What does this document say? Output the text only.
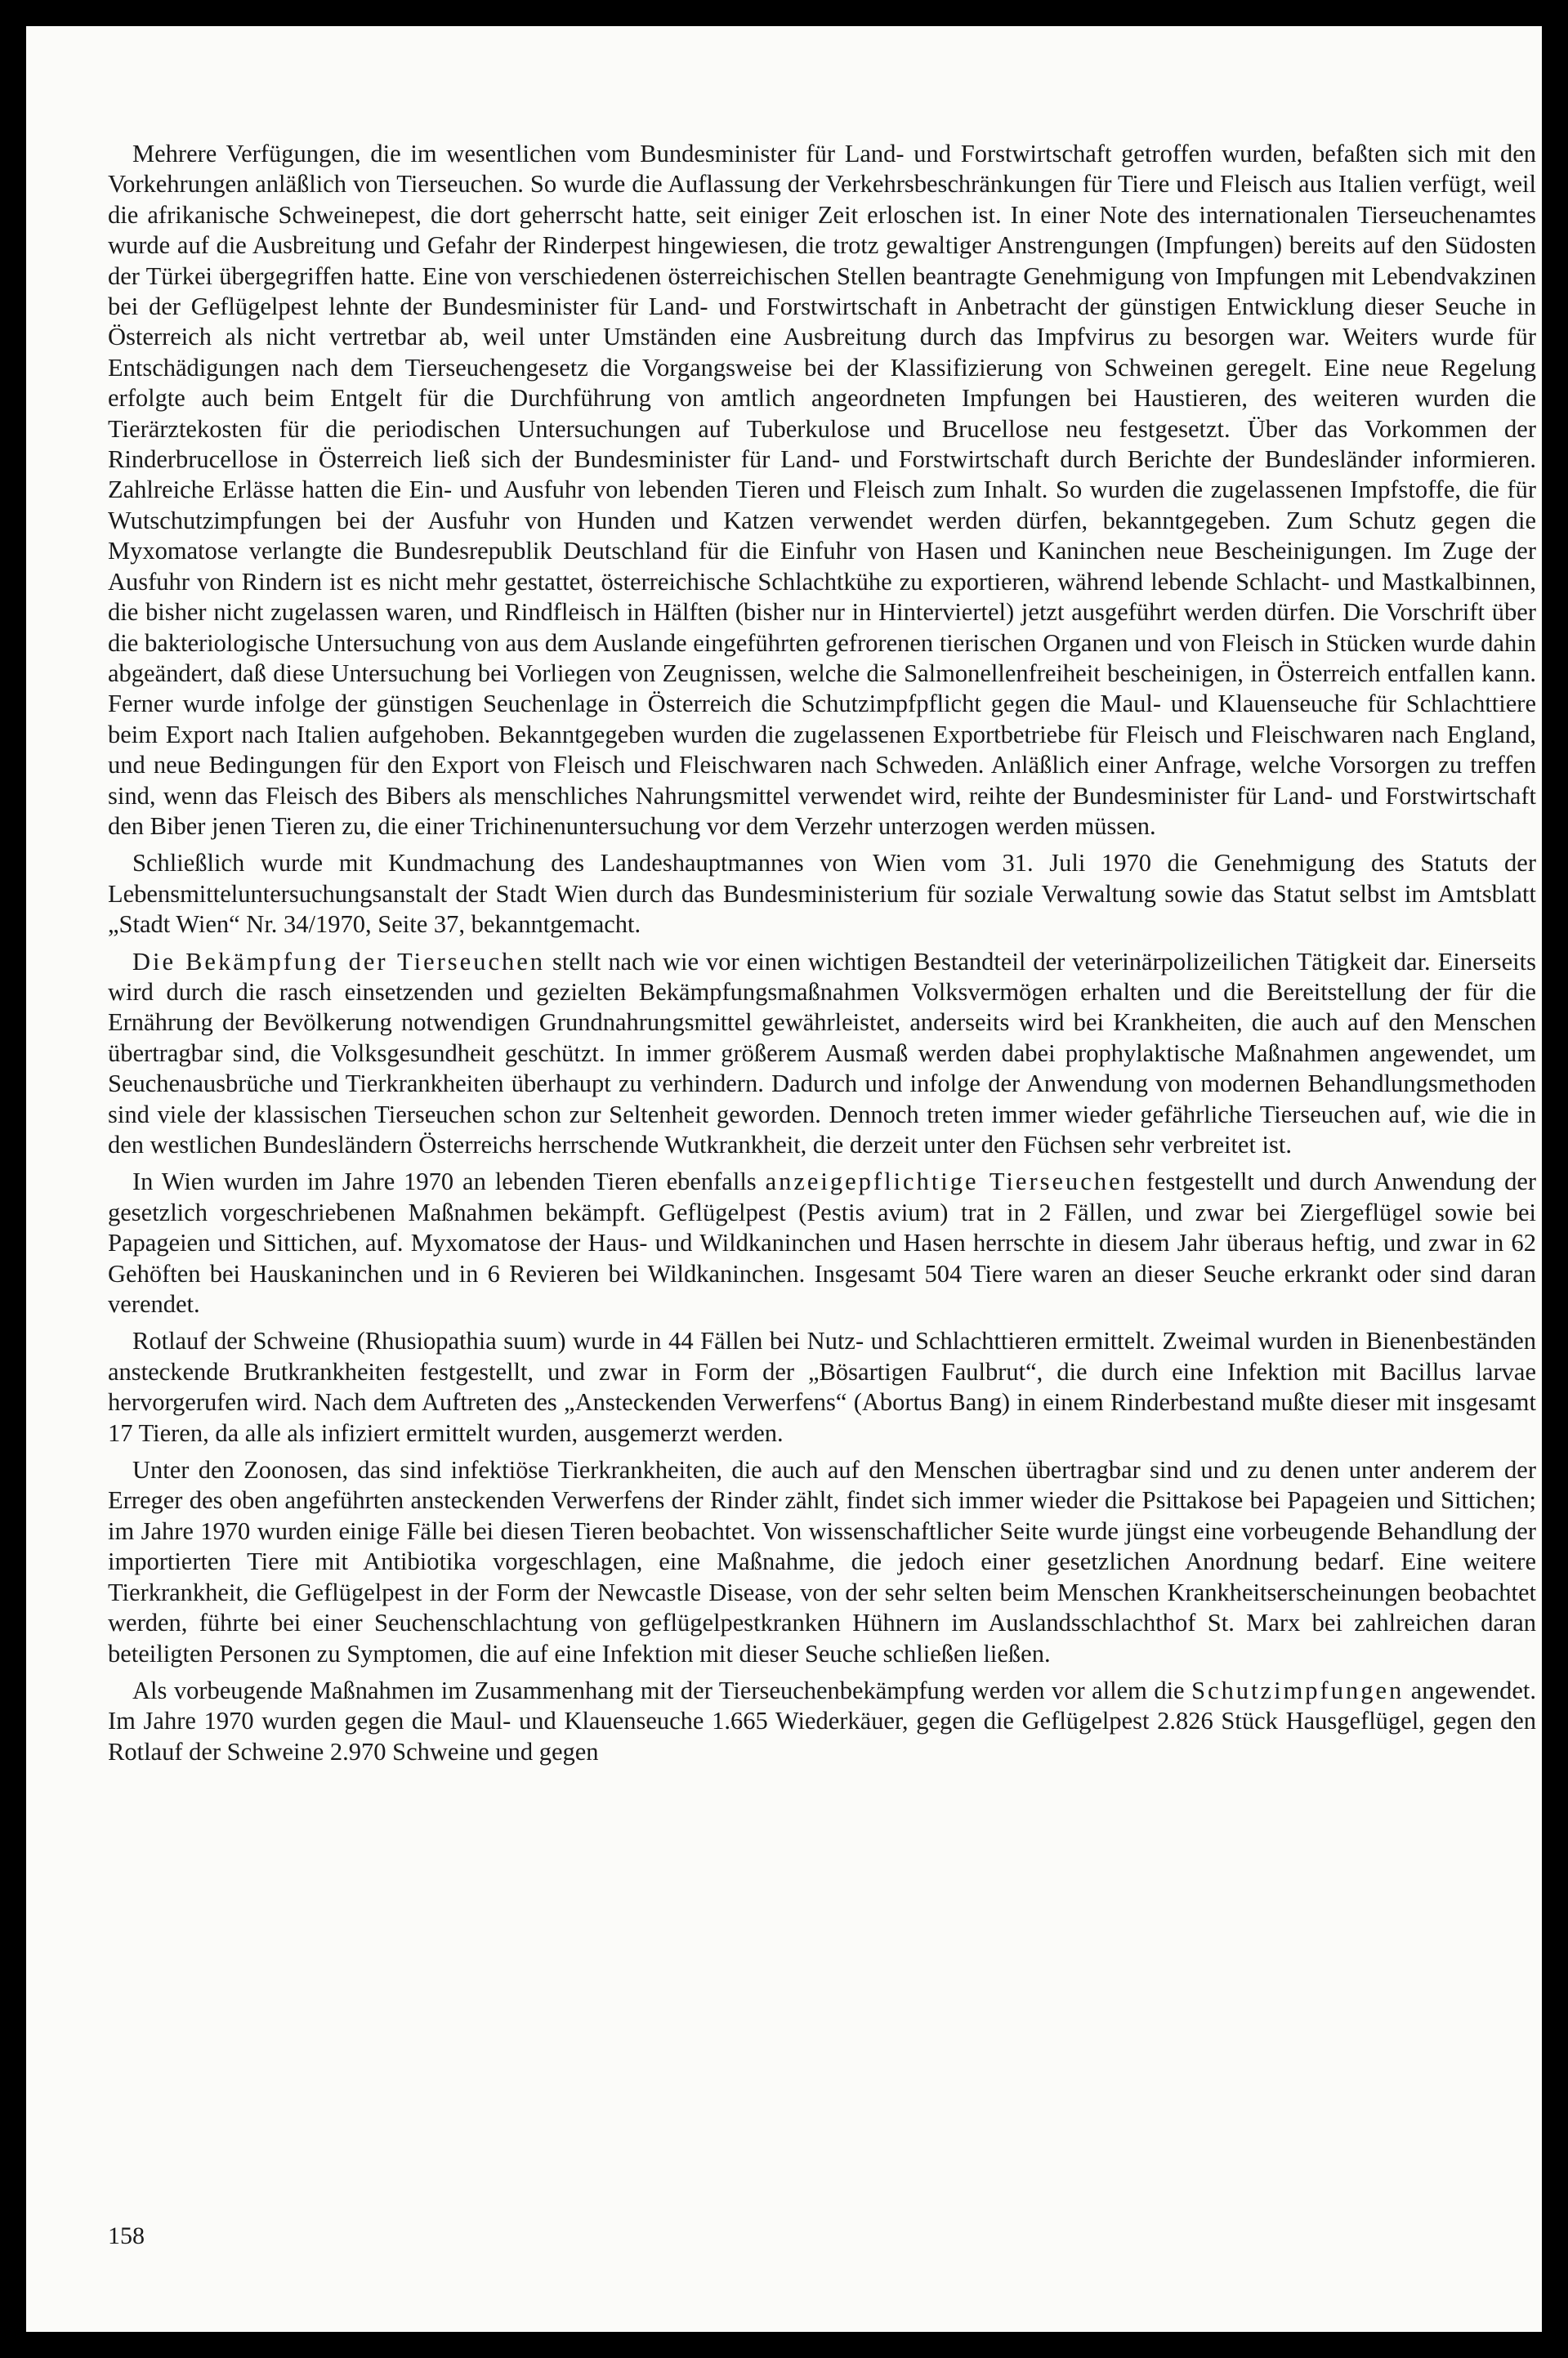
Mehrere Verfügungen, die im wesentlichen vom Bundesminister für Land- und Forstwirtschaft getroffen wurden, befaßten sich mit den Vorkehrungen anläßlich von Tierseuchen. So wurde die Auflassung der Verkehrsbeschränkungen für Tiere und Fleisch aus Italien verfügt, weil die afrikanische Schweinepest, die dort geherrscht hatte, seit einiger Zeit erloschen ist. In einer Note des internationalen Tierseuchenamtes wurde auf die Ausbreitung und Gefahr der Rinderpest hingewiesen, die trotz gewaltiger Anstrengungen (Impfungen) bereits auf den Südosten der Türkei übergegriffen hatte. Eine von verschiedenen österreichischen Stellen beantragte Genehmigung von Impfungen mit Lebendvakzinen bei der Geflügelpest lehnte der Bundesminister für Land- und Forstwirtschaft in Anbetracht der günstigen Entwicklung dieser Seuche in Österreich als nicht vertretbar ab, weil unter Umständen eine Ausbreitung durch das Impfvirus zu besorgen war. Weiters wurde für Entschädigungen nach dem Tierseuchengesetz die Vorgangsweise bei der Klassifizierung von Schweinen geregelt. Eine neue Regelung erfolgte auch beim Entgelt für die Durchführung von amtlich angeordneten Impfungen bei Haustieren, des weiteren wurden die Tierärztekosten für die periodischen Untersuchungen auf Tuberkulose und Brucellose neu festgesetzt. Über das Vorkommen der Rinderbrucellose in Österreich ließ sich der Bundesminister für Land- und Forstwirtschaft durch Berichte der Bundesländer informieren. Zahlreiche Erlässe hatten die Ein- und Ausfuhr von lebenden Tieren und Fleisch zum Inhalt. So wurden die zugelassenen Impfstoffe, die für Wutschutzimpfungen bei der Ausfuhr von Hunden und Katzen verwendet werden dürfen, bekanntgegeben. Zum Schutz gegen die Myxomatose verlangte die Bundesrepublik Deutschland für die Einfuhr von Hasen und Kaninchen neue Bescheinigungen. Im Zuge der Ausfuhr von Rindern ist es nicht mehr gestattet, österreichische Schlachtkühe zu exportieren, während lebende Schlacht- und Mastkalbinnen, die bisher nicht zugelassen waren, und Rindfleisch in Hälften (bisher nur in Hinterviertel) jetzt ausgeführt werden dürfen. Die Vorschrift über die bakteriologische Untersuchung von aus dem Auslande eingeführten gefrorenen tierischen Organen und von Fleisch in Stücken wurde dahin abgeändert, daß diese Untersuchung bei Vorliegen von Zeugnissen, welche die Salmonellenfreiheit bescheinigen, in Österreich entfallen kann. Ferner wurde infolge der günstigen Seuchenlage in Österreich die Schutzimpfpflicht gegen die Maul- und Klauenseuche für Schlachttiere beim Export nach Italien aufgehoben. Bekanntgegeben wurden die zugelassenen Exportbetriebe für Fleisch und Fleischwaren nach England, und neue Bedingungen für den Export von Fleisch und Fleischwaren nach Schweden. Anläßlich einer Anfrage, welche Vorsorgen zu treffen sind, wenn das Fleisch des Bibers als menschliches Nahrungsmittel verwendet wird, reihte der Bundesminister für Land- und Forstwirtschaft den Biber jenen Tieren zu, die einer Trichinenuntersuchung vor dem Verzehr unterzogen werden müssen.

Schließlich wurde mit Kundmachung des Landeshauptmannes von Wien vom 31. Juli 1970 die Genehmigung des Statuts der Lebensmitteluntersuchungsanstalt der Stadt Wien durch das Bundesministerium für soziale Verwaltung sowie das Statut selbst im Amtsblatt „Stadt Wien“ Nr. 34/1970, Seite 37, bekanntgemacht.

Die Bekämpfung der Tierseuchen stellt nach wie vor einen wichtigen Bestandteil der veterinärpolizeilichen Tätigkeit dar. Einerseits wird durch die rasch einsetzenden und gezielten Bekämpfungsmaßnahmen Volksvermögen erhalten und die Bereitstellung der für die Ernährung der Bevölkerung notwendigen Grundnahrungsmittel gewährleistet, anderseits wird bei Krankheiten, die auch auf den Menschen übertragbar sind, die Volksgesundheit geschützt. In immer größerem Ausmaß werden dabei prophylaktische Maßnahmen angewendet, um Seuchenausbrüche und Tierkrankheiten überhaupt zu verhindern. Dadurch und infolge der Anwendung von modernen Behandlungsmethoden sind viele der klassischen Tierseuchen schon zur Seltenheit geworden. Dennoch treten immer wieder gefährliche Tierseuchen auf, wie die in den westlichen Bundesländern Österreichs herrschende Wutkrankheit, die derzeit unter den Füchsen sehr verbreitet ist.

In Wien wurden im Jahre 1970 an lebenden Tieren ebenfalls anzeigepflichtige Tierseuchen festgestellt und durch Anwendung der gesetzlich vorgeschriebenen Maßnahmen bekämpft. Geflügelpest (Pestis avium) trat in 2 Fällen, und zwar bei Ziergeflügel sowie bei Papageien und Sittichen, auf. Myxomatose der Haus- und Wildkaninchen und Hasen herrschte in diesem Jahr überaus heftig, und zwar in 62 Gehöften bei Hauskaninchen und in 6 Revieren bei Wildkaninchen. Insgesamt 504 Tiere waren an dieser Seuche erkrankt oder sind daran verendet.

Rotlauf der Schweine (Rhusiopathia suum) wurde in 44 Fällen bei Nutz- und Schlachttieren ermittelt. Zweimal wurden in Bienenbeständen ansteckende Brutkrankheiten festgestellt, und zwar in Form der „Bösartigen Faulbrut“, die durch eine Infektion mit Bacillus larvae hervorgerufen wird. Nach dem Auftreten des „Ansteckenden Verwerfens“ (Abortus Bang) in einem Rinderbestand mußte dieser mit insgesamt 17 Tieren, da alle als infiziert ermittelt wurden, ausgemerzt werden.

Unter den Zoonosen, das sind infektiöse Tierkrankheiten, die auch auf den Menschen übertragbar sind und zu denen unter anderem der Erreger des oben angeführten ansteckenden Verwerfens der Rinder zählt, findet sich immer wieder die Psittakose bei Papageien und Sittichen; im Jahre 1970 wurden einige Fälle bei diesen Tieren beobachtet. Von wissenschaftlicher Seite wurde jüngst eine vorbeugende Behandlung der importierten Tiere mit Antibiotika vorgeschlagen, eine Maßnahme, die jedoch einer gesetzlichen Anordnung bedarf. Eine weitere Tierkrankheit, die Geflügelpest in der Form der Newcastle Disease, von der sehr selten beim Menschen Krankheitserscheinungen beobachtet werden, führte bei einer Seuchenschlachtung von geflügelpestkranken Hühnern im Auslandsschlachthof St. Marx bei zahlreichen daran beteiligten Personen zu Symptomen, die auf eine Infektion mit dieser Seuche schließen ließen.

Als vorbeugende Maßnahmen im Zusammenhang mit der Tierseuchenbekämpfung werden vor allem die Schutzimpfungen angewendet. Im Jahre 1970 wurden gegen die Maul- und Klauenseuche 1.665 Wiederkäuer, gegen die Geflügelpest 2.826 Stück Hausgeflügel, gegen den Rotlauf der Schweine 2.970 Schweine und gegen

158
